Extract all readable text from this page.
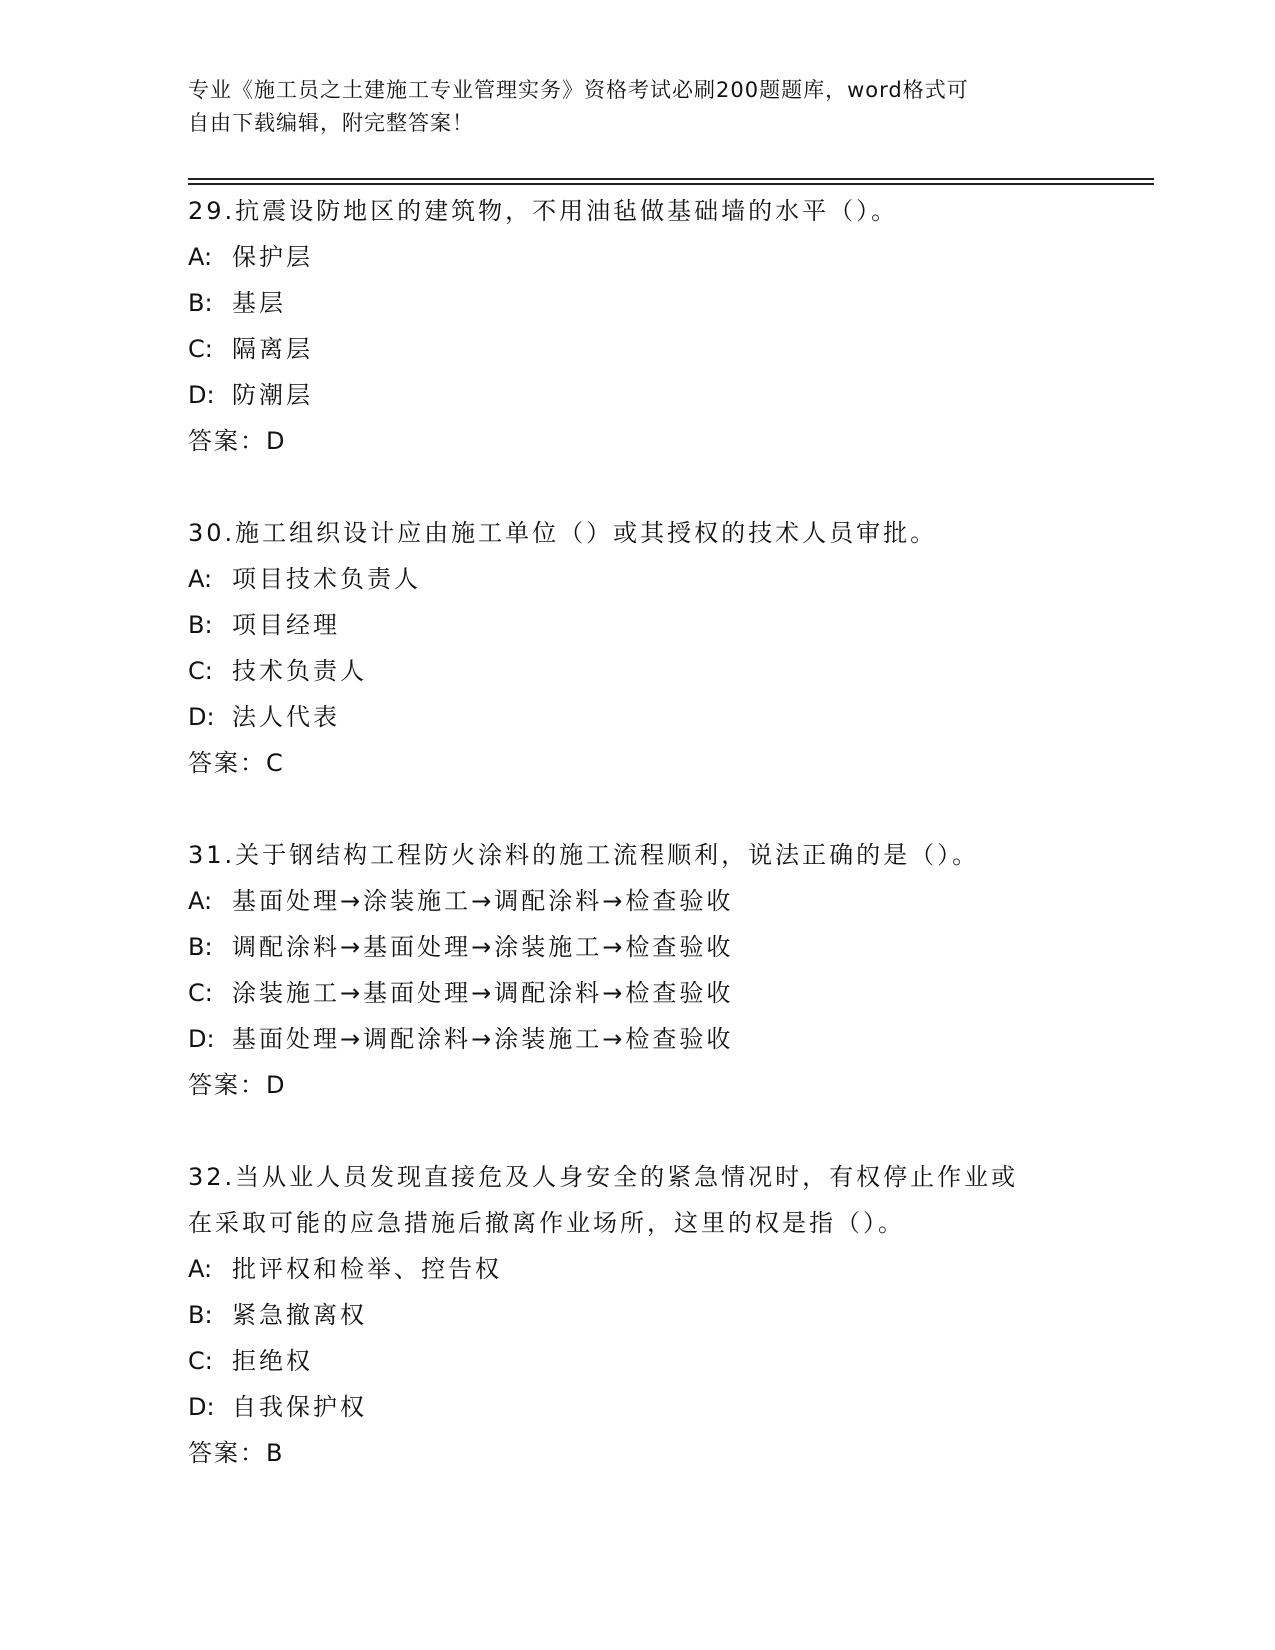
专业《施工员之土建施工专业管理实务》资格考试必刷200题题库，word格式可
自由下载编辑，附完整答案！
29.抗震设防地区的建筑物，不用油毡做基础墙的水平（）。
A: 保护层
B: 基层
C: 隔离层
D: 防潮层
答案：D
30.施工组织设计应由施工单位（）或其授权的技术人员审批。
A: 项目技术负责人
B: 项目经理
C: 技术负责人
D: 法人代表
答案：C
31.关于钢结构工程防火涂料的施工流程顺利，说法正确的是（）。
A: 基面处理→涂装施工→调配涂料→检查验收
B: 调配涂料→基面处理→涂装施工→检查验收
C: 涂装施工→基面处理→调配涂料→检查验收
D: 基面处理→调配涂料→涂装施工→检查验收
答案：D
32.当从业人员发现直接危及人身安全的紧急情况时，有权停止作业或
在采取可能的应急措施后撤离作业场所，这里的权是指（）。
A: 批评权和检举、控告权
B: 紧急撤离权
C: 拒绝权
D: 自我保护权
答案：B
